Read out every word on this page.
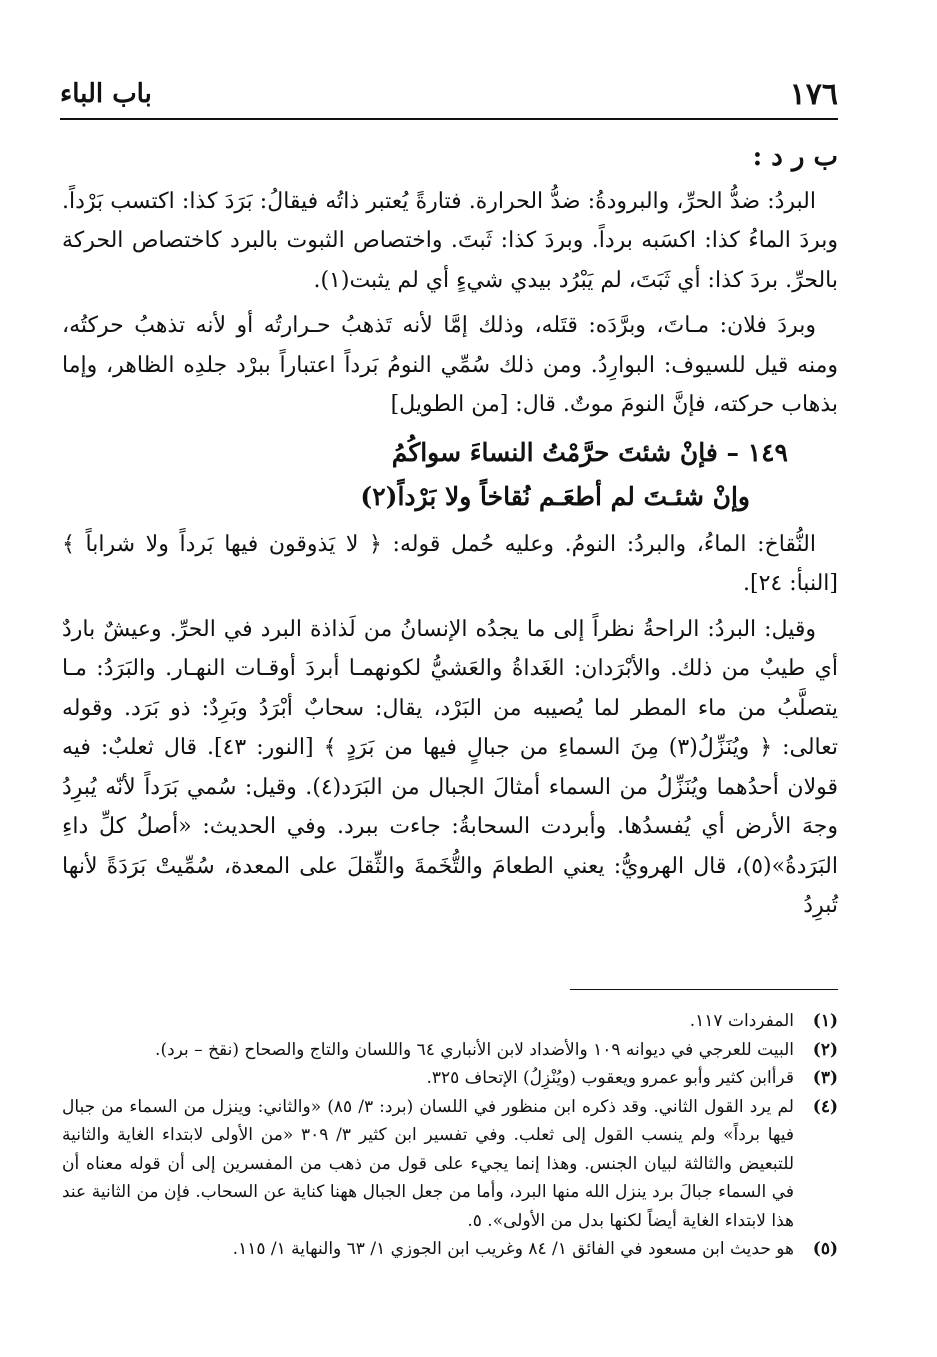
١٧٦
باب الباء
ب ر د :

البردُ: ضدُّ الحرِّ، والبرودةُ: ضدُّ الحرارة. فتارةً يُعتبر ذاتُه فيقالُ: بَرَدَ كذا: اكتسب بَرْداً. وبردَ الماءُ كذا: اكسَبه برداً. وبردَ كذا: ثَبتَ. واختصاص الثبوت بالبرد كاختصاص الحركة بالحرِّ. بردَ كذا: أي ثَبَتَ، لم يَبْرُد بيدي شيءٍ أي لم يثبت(١).

وبردَ فلان: مـاتَ، وبرَّدَه: قتَله، وذلك إمَّا لأنه تَذهبُ حـرارتُه أو لأنه تذهبُ حركتُه، ومنه قيل للسيوف: البوارِدُ. ومن ذلك سُمِّي النومُ بَرداً اعتباراً ببرْد جلدِه الظاهر، وإما بذهاب حركته، فإنَّ النومَ موتٌ. قال: [من الطويل]

١٤٩ – فإنْ شئتَ حرَّمْتُ النساءَ سواكُمُ
وإنْ شئـتَ لم أطعَـم نُقاخاً ولا بَرْداً(٢)

النُّقاخ: الماءُ، والبردُ: النومُ. وعليه حُمل قوله: ﴿ لا يَذوقون فيها بَرداً ولا شراباً ﴾ [النبأ: ٢٤].

وقيل: البردُ: الراحةُ نظراً إلى ما يجدُه الإنسانُ من لَذاذة البرد في الحرِّ. وعيشٌ باردٌ أي طيبٌ من ذلك. والأبْرَدان: الغَداةُ والعَشيُّ لكونهمـا أبردَ أوقـات النهـار. والبَرَدُ: مـا يتصلَّبُ من ماء المطر لما يُصيبه من البَرْد، يقال: سحابٌ أبْرَدُ وبَرِدٌ: ذو بَرَد. وقوله تعالى: ﴿ ويُنَزِّلُ(٣) مِنَ السماءِ من جبالٍ فيها من بَرَدٍ ﴾ [النور: ٤٣]. قال ثعلبٌ: فيه قولان أحدُهما ويُنَزِّلُ من السماء أمثالَ الجبال من البَرَد(٤). وقيل: سُمي بَرَداً لأنّه يُبرِدُ وجهَ الأرض أي يُفسدُها. وأبردت السحابةُ: جاءت ببرد. وفي الحديث: «أصلُ كلِّ داءِ البَرَدةُ»(٥)، قال الهرويُّ: يعني الطعامَ والتُّخَمةَ والثِّقلَ على المعدة، سُمِّيتْ بَرَدَةً لأنها تُبرِدُ

(١)
المفردات ١١٧.
(٢)
البيت للعرجي في ديوانه ١٠٩ والأضداد لابن الأنباري ٦٤ واللسان والتاج والصحاح (نقخ – برد).
(٣)
قرأابن كثير وأبو عمرو ويعقوب (ويُنْزِلُ) الإتحاف ٣٢٥.
(٤)
لم يرد القول الثاني. وقد ذكره ابن منظور في اللسان (برد: ٣/ ٨٥) «والثاني: وينزل من السماء من جبال فيها برداً» ولم ينسب القول إلى ثعلب. وفي تفسير ابن كثير ٣/ ٣٠٩ «من الأولى لابتداء الغاية والثانية للتبعيض والثالثة لبيان الجنس. وهذا إنما يجيء على قول من ذهب من المفسرين إلى أن قوله معناه أن في السماء جبالَ برد ينزل الله منها البرد، وأما من جعل الجبال ههنا كناية عن السحاب. فإن من الثانية عند هذا لابتداء الغاية أيضاً لكنها بدل من الأولى». ٥.
(٥)
هو حديث ابن مسعود في الفائق ١/ ٨٤ وغريب ابن الجوزي ١/ ٦٣ والنهاية ١/ ١١٥.
